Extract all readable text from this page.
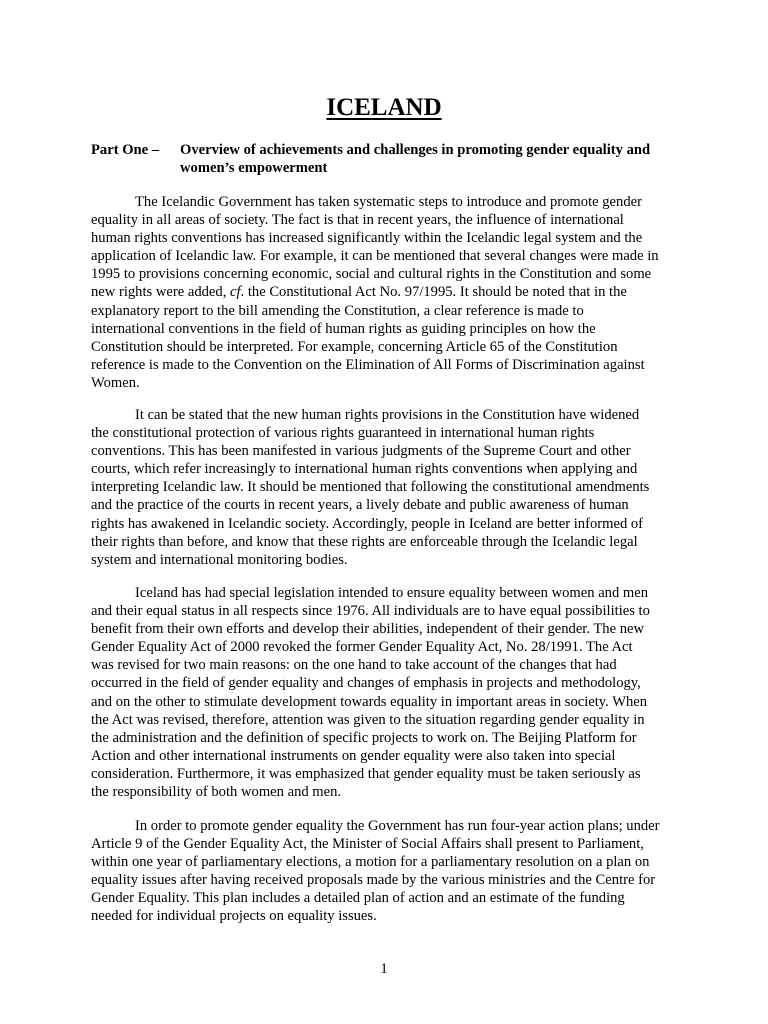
ICELAND
Part One – Overview of achievements and challenges in promoting gender equality and
women’s empowerment

The Icelandic Government has taken systematic steps to introduce and promote gender
equality in all areas of society. The fact is that in recent years, the influence of international
human rights conventions has increased significantly within the Icelandic legal system and the
application of Icelandic law. For example, it can be mentioned that several changes were made in
1995 to provisions concerning economic, social and cultural rights in the Constitution and some
new rights were added, cf. the Constitutional Act No. 97/1995. It should be noted that in the
explanatory report to the bill amending the Constitution, a clear reference is made to
international conventions in the field of human rights as guiding principles on how the
Constitution should be interpreted. For example, concerning Article 65 of the Constitution
reference is made to the Convention on the Elimination of All Forms of Discrimination against
Women.

It can be stated that the new human rights provisions in the Constitution have widened
the constitutional protection of various rights guaranteed in international human rights
conventions. This has been manifested in various judgments of the Supreme Court and other
courts, which refer increasingly to international human rights conventions when applying and
interpreting Icelandic law. It should be mentioned that following the constitutional amendments
and the practice of the courts in recent years, a lively debate and public awareness of human
rights has awakened in Icelandic society. Accordingly, people in Iceland are better informed of
their rights than before, and know that these rights are enforceable through the Icelandic legal
system and international monitoring bodies.

Iceland has had special legislation intended to ensure equality between women and men
and their equal status in all respects since 1976. All individuals are to have equal possibilities to
benefit from their own efforts and develop their abilities, independent of their gender. The new
Gender Equality Act of 2000 revoked the former Gender Equality Act, No. 28/1991. The Act
was revised for two main reasons: on the one hand to take account of the changes that had
occurred in the field of gender equality and changes of emphasis in projects and methodology,
and on the other to stimulate development towards equality in important areas in society. When
the Act was revised, therefore, attention was given to the situation regarding gender equality in
the administration and the definition of specific projects to work on. The Beijing Platform for
Action and other international instruments on gender equality were also taken into special
consideration. Furthermore, it was emphasized that gender equality must be taken seriously as
the responsibility of both women and men.

In order to promote gender equality the Government has run four-year action plans; under
Article 9 of the Gender Equality Act, the Minister of Social Affairs shall present to Parliament,
within one year of parliamentary elections, a motion for a parliamentary resolution on a plan on
equality issues after having received proposals made by the various ministries and the Centre for
Gender Equality. This plan includes a detailed plan of action and an estimate of the funding
needed for individual projects on equality issues.

1
